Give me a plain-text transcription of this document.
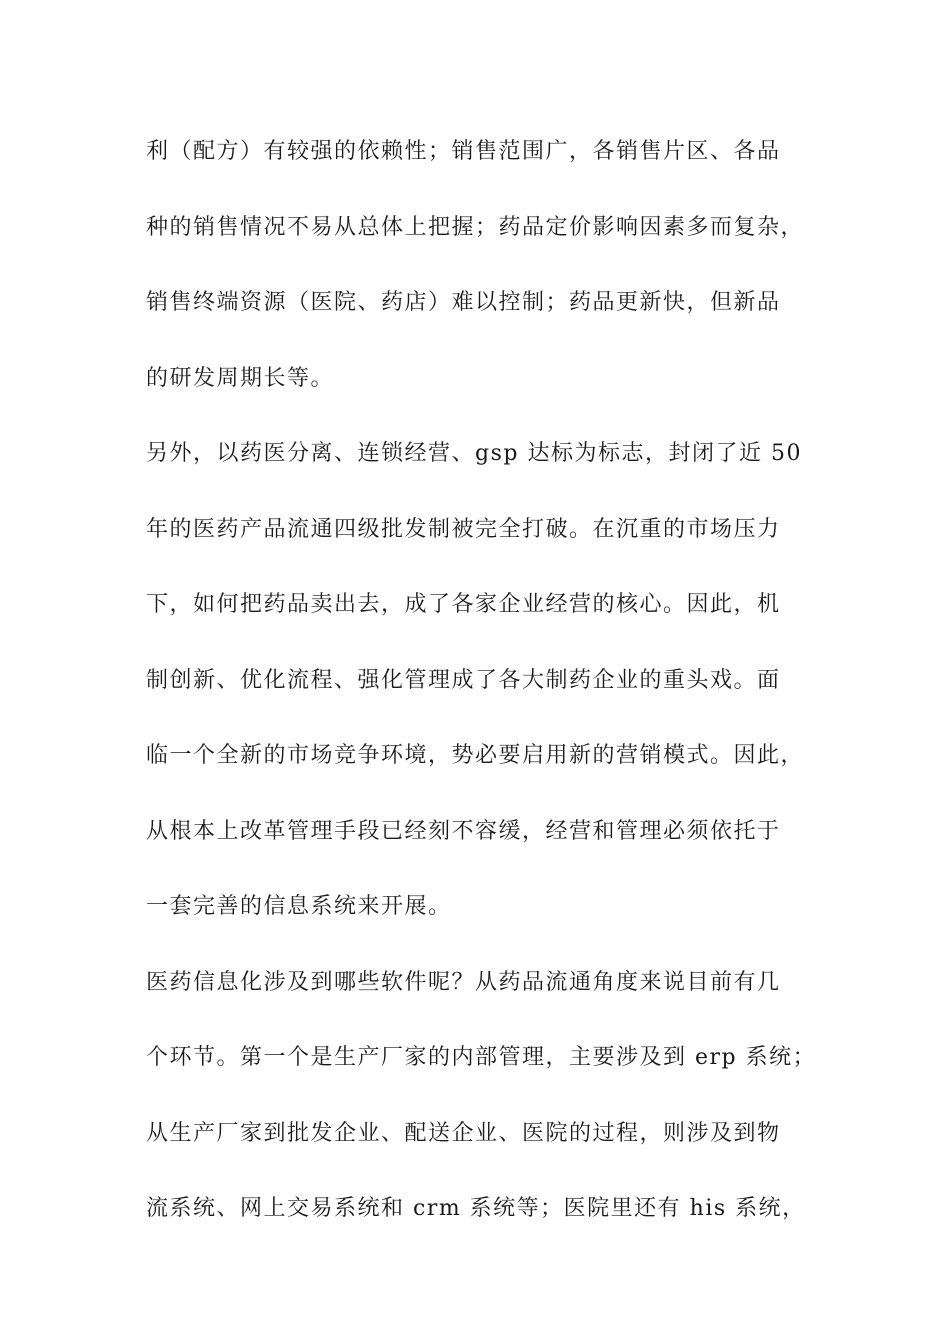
利（配方）有较强的依赖性；销售范围广，各销售片区、各品
种的销售情况不易从总体上把握；药品定价影响因素多而复杂，
销售终端资源（医院、药店）难以控制；药品更新快，但新品
的研发周期长等。
另外，以药医分离、连锁经营、gsp 达标为标志，封闭了近 50
年的医药产品流通四级批发制被完全打破。在沉重的市场压力
下，如何把药品卖出去，成了各家企业经营的核心。因此，机
制创新、优化流程、强化管理成了各大制药企业的重头戏。面
临一个全新的市场竞争环境，势必要启用新的营销模式。因此，
从根本上改革管理手段已经刻不容缓，经营和管理必须依托于
一套完善的信息系统来开展。
医药信息化涉及到哪些软件呢？从药品流通角度来说目前有几
个环节。第一个是生产厂家的内部管理，主要涉及到 erp 系统；
从生产厂家到批发企业、配送企业、医院的过程，则涉及到物
流系统、网上交易系统和 crm 系统等；医院里还有 his 系统，
